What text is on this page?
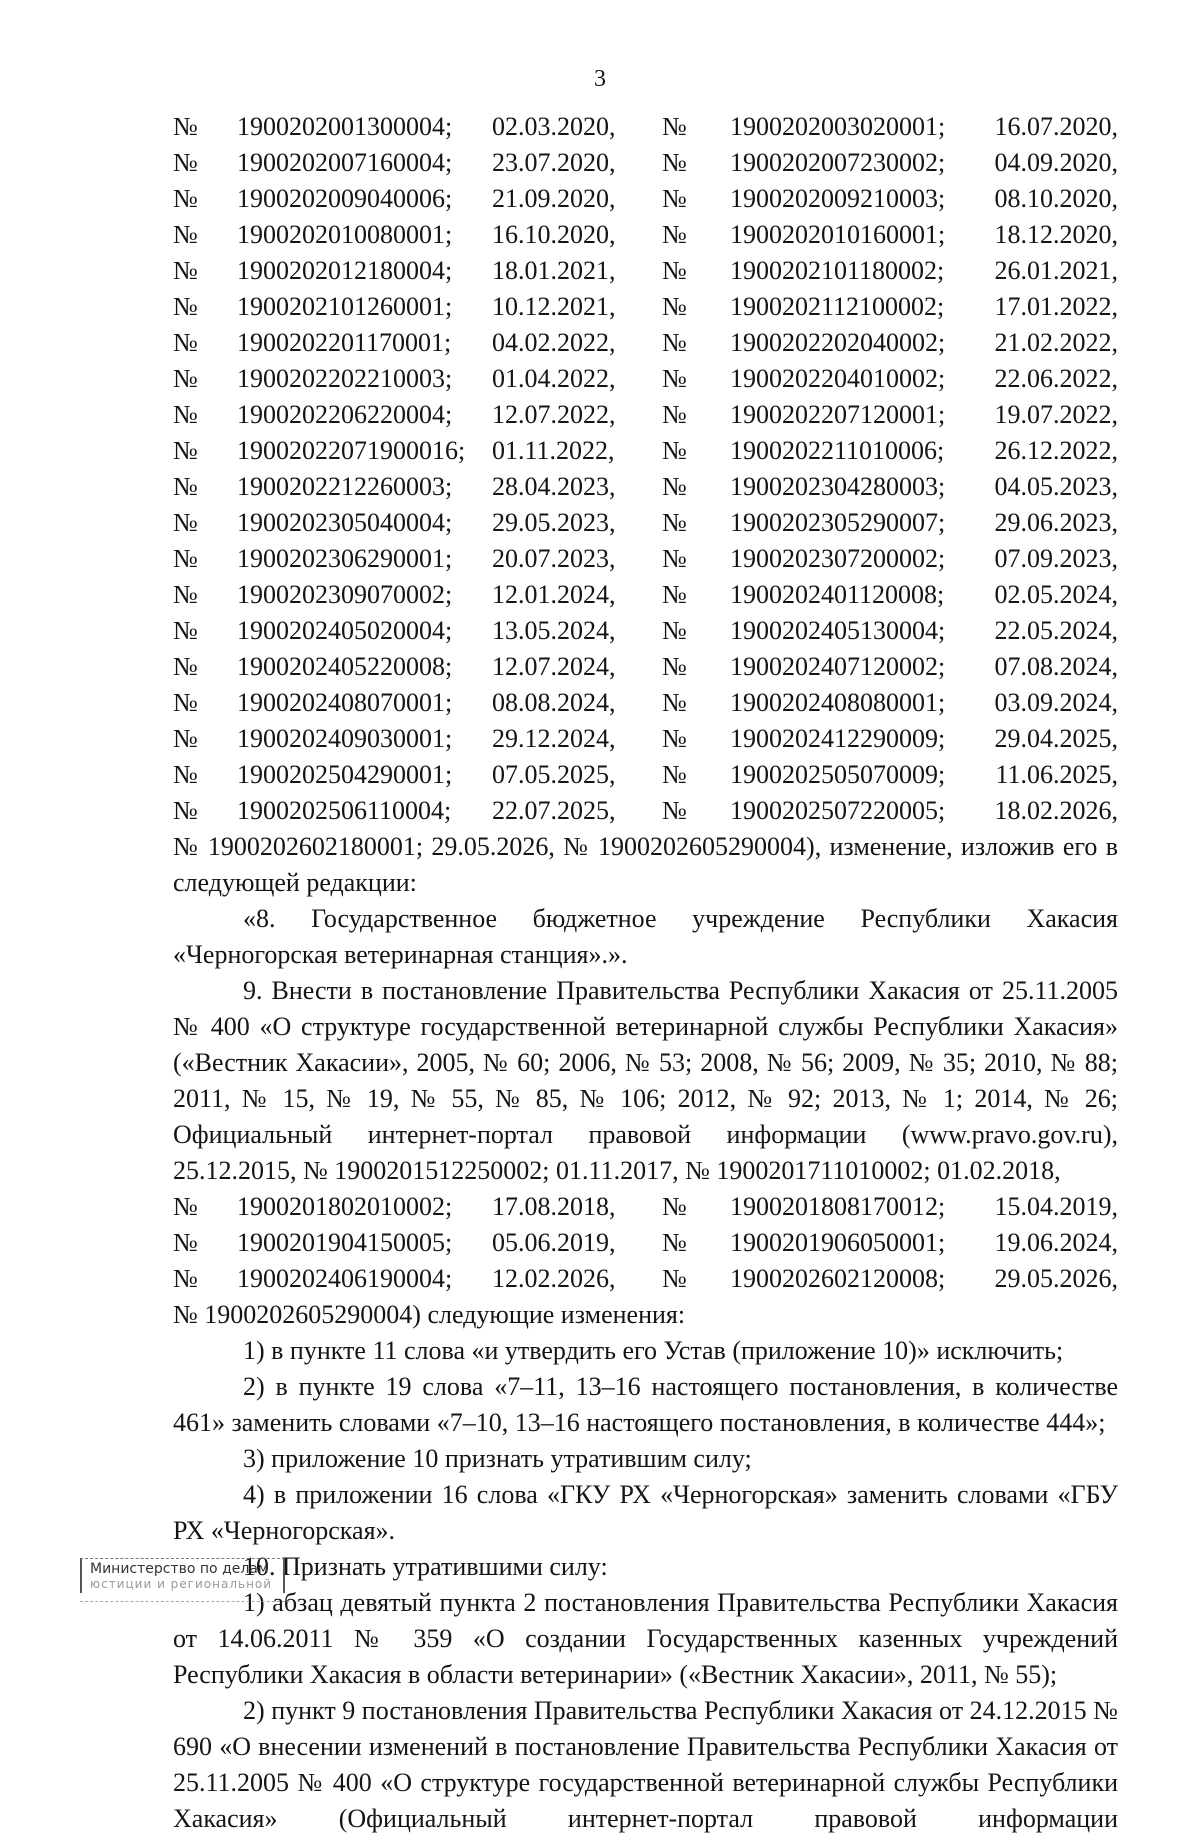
3
№	1900202001300004;	02.03.2020,	№	1900202003020001;	16.07.2020,
№	1900202007160004;	23.07.2020,	№	1900202007230002;	04.09.2020,
№	1900202009040006;	21.09.2020,	№	1900202009210003;	08.10.2020,
№	1900202010080001;	16.10.2020,	№	1900202010160001;	18.12.2020,
№	1900202012180004;	18.01.2021,	№	1900202101180002;	26.01.2021,
№	1900202101260001;	10.12.2021,	№	1900202112100002;	17.01.2022,
№	1900202201170001;	04.02.2022,	№	1900202202040002;	21.02.2022,
№	1900202202210003;	01.04.2022,	№	1900202204010002;	22.06.2022,
№	1900202206220004;	12.07.2022,	№	1900202207120001;	19.07.2022,
№	19002022071900016;	01.11.2022,	№	1900202211010006;	26.12.2022,
№	1900202212260003;	28.04.2023,	№	1900202304280003;	04.05.2023,
№	1900202305040004;	29.05.2023,	№	1900202305290007;	29.06.2023,
№	1900202306290001;	20.07.2023,	№	1900202307200002;	07.09.2023,
№	1900202309070002;	12.01.2024,	№	1900202401120008;	02.05.2024,
№	1900202405020004;	13.05.2024,	№	1900202405130004;	22.05.2024,
№	1900202405220008;	12.07.2024,	№	1900202407120002;	07.08.2024,
№	1900202408070001;	08.08.2024,	№	1900202408080001;	03.09.2024,
№	1900202409030001;	29.12.2024,	№	1900202412290009;	29.04.2025,
№	1900202504290001;	07.05.2025,	№	1900202505070009;	11.06.2025,
№	1900202506110004;	22.07.2025,	№	1900202507220005;	18.02.2026,

№ 1900202602180001; 29.05.2026, № 1900202605290004), изменение, изложив его в следующей редакции:

«8. Государственное бюджетное учреждение Республики Хакасия «Черногорская ветеринарная станция».».

9. Внести в постановление Правительства Республики Хакасия от 25.11.2005 № 400 «О структуре государственной ветеринарной службы Республики Хакасия» («Вестник Хакасии», 2005, № 60; 2006, № 53; 2008, № 56; 2009, № 35; 2010, № 88; 2011, № 15, № 19, № 55, № 85, № 106; 2012, № 92; 2013, № 1; 2014, № 26; Официальный интернет-портал правовой информации (www.pravo.gov.ru), 25.12.2015, № 1900201512250002; 01.11.2017, № 1900201711010002; 01.02.2018,

№	1900201802010002;	17.08.2018,	№	1900201808170012;	15.04.2019,
№	1900201904150005;	05.06.2019,	№	1900201906050001;	19.06.2024,
№	1900202406190004;	12.02.2026,	№	1900202602120008;	29.05.2026,

№ 1900202605290004) следующие изменения:

1) в пункте 11 слова «и утвердить его Устав (приложение 10)» исключить;

2) в пункте 19 слова «7–11, 13–16 настоящего постановления, в количестве 461» заменить словами «7–10, 13–16 настоящего постановления, в количестве 444»;

3) приложение 10 признать утратившим силу;

4) в приложении 16 слова «ГКУ РХ «Черногорская» заменить словами «ГБУ РХ «Черногорская».

10. Признать утратившими силу:

1) абзац девятый пункта 2 постановления Правительства Республики Хакасия от 14.06.2011 № 359 «О создании Государственных казенных учреждений Республики Хакасия в области ветеринарии» («Вестник Хакасии», 2011, № 55);

2) пункт 9 постановления Правительства Республики Хакасия от 24.12.2015 № 690 «О внесении изменений в постановление Правительства Республики Хакасия от 25.11.2005 № 400 «О структуре государственной ветеринарной службы Республики Хакасия» (Официальный интернет-портал правовой информации

Министерство по делам
юстиции и региональной
